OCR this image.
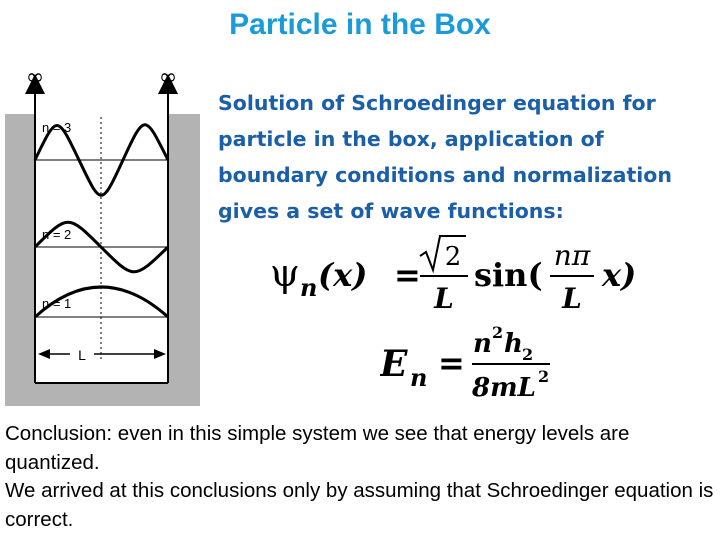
Particle in the Box
∞	∞
n = 3
n = 2
n = 1
L
Solution of Schroedinger equation for
particle in the box, application of
boundary conditions and normalization
gives a set of wave functions:
ψ n (x) = 2
L
sin(
nπ
L
x)
E n = n 2 h 2
8mL 2

Conclusion: even in this simple system we see that energy levels are quantized.

We arrived at this conclusions only by assuming that Schroedinger equation is correct.
